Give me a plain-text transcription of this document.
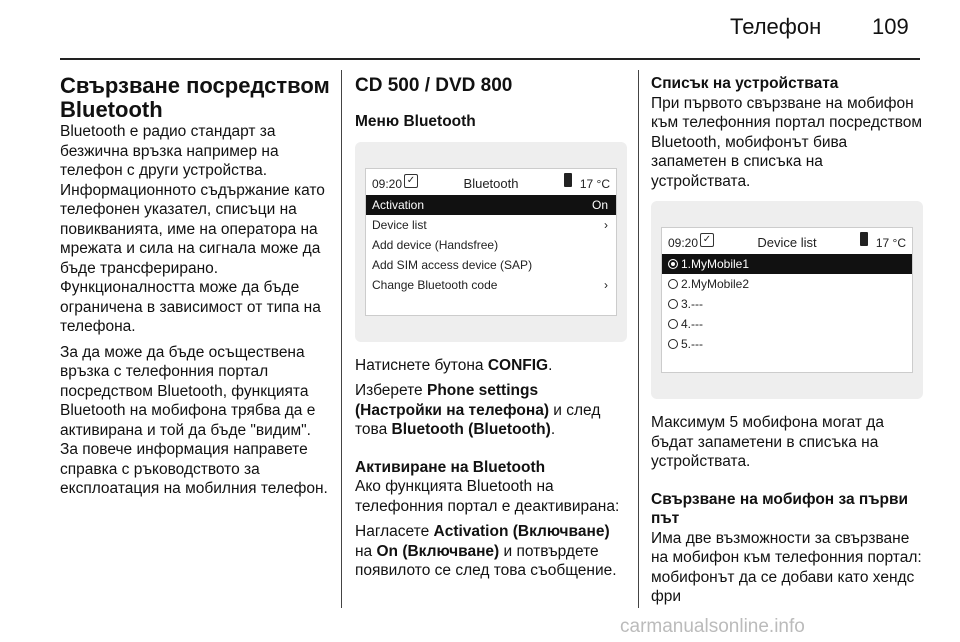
Телефон 109
Свързване посредством Bluetooth

Bluetooth е радио стандарт за безжична връзка например на телефон с други устройства. Информационното съдържание като телефонен указател, списъци на повикванията, име на оператора на мрежата и сила на сигнала може да бъде трансферирано. Функционалността може да бъде ограничена в зависимост от типа на телефона.

За да може да бъде осъществена връзка с телефонния портал посредством Bluetooth, функцията Bluetooth на мобифона трябва да е активирана и той да бъде "видим". За повече информация направете справка с ръководството за експлоатация на мобилния телефон.

CD 500 / DVD 800
Меню Bluetooth
Bluetooth
09:20 ✓	17 °C
Activation	On
Device list	›
Add device (Handsfree)
Add SIM access device (SAP)
Change Bluetooth code	›

Натиснете бутона CONFIG.

Изберете Phone settings (Настройки на телефона) и след това Bluetooth (Bluetooth).

Активиране на Bluetooth

Ако функцията Bluetooth на телефонния портал е деактивирана:

Нагласете Activation (Включване) на On (Включване) и потвърдете появилото се след това съобщение.

Списък на устройствата

При първото свързване на мобифон към телефонния портал посредством Bluetooth, мобифонът бива запаметен в списъка на устройствата.

Device list
09:20 ✓	17 °C
1.MyMobile1
2.MyMobile2
3.---
4.---
5.---

Максимум 5 мобифона могат да бъдат запаметени в списъка на устройствата.

Свързване на мобифон за първи път

Има две възможности за свързване на мобифон към телефонния портал: мобифонът да се добави като хендс фри

carmanualsonline.info
